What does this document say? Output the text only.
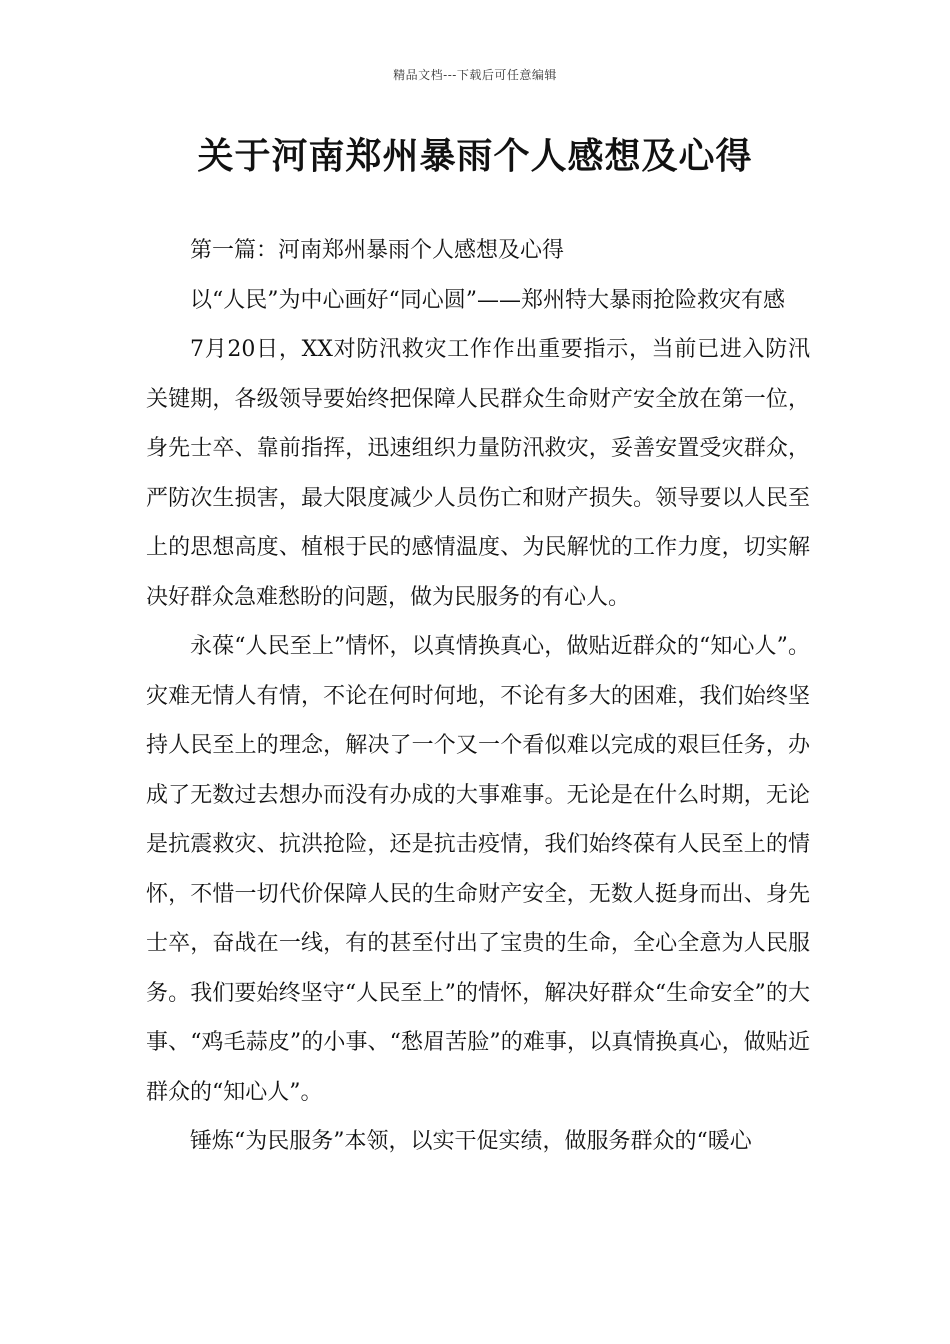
精品文档---下载后可任意编辑
关于河南郑州暴雨个人感想及心得

第一篇：河南郑州暴雨个人感想及心得

以“人民”为中心画好“同心圆”——郑州特大暴雨抢险救灾有感

7月20日，XX对防汛救灾工作作出重要指示，当前已进入防汛关键期，各级领导要始终把保障人民群众生命财产安全放在第一位，身先士卒、靠前指挥，迅速组织力量防汛救灾，妥善安置受灾群众，严防次生损害，最大限度减少人员伤亡和财产损失。领导要以人民至上的思想高度、植根于民的感情温度、为民解忧的工作力度，切实解决好群众急难愁盼的问题，做为民服务的有心人。

永葆“人民至上”情怀，以真情换真心，做贴近群众的“知心人”。灾难无情人有情，不论在何时何地，不论有多大的困难，我们始终坚持人民至上的理念，解决了一个又一个看似难以完成的艰巨任务，办成了无数过去想办而没有办成的大事难事。无论是在什么时期，无论是抗震救灾、抗洪抢险，还是抗击疫情，我们始终葆有人民至上的情怀，不惜一切代价保障人民的生命财产安全，无数人挺身而出、身先士卒，奋战在一线，有的甚至付出了宝贵的生命，全心全意为人民服务。我们要始终坚守“人民至上”的情怀，解决好群众“生命安全”的大事、“鸡毛蒜皮”的小事、“愁眉苦脸”的难事，以真情换真心，做贴近群众的“知心人”。

锤炼“为民服务”本领，以实干促实绩，做服务群众的“暖心
